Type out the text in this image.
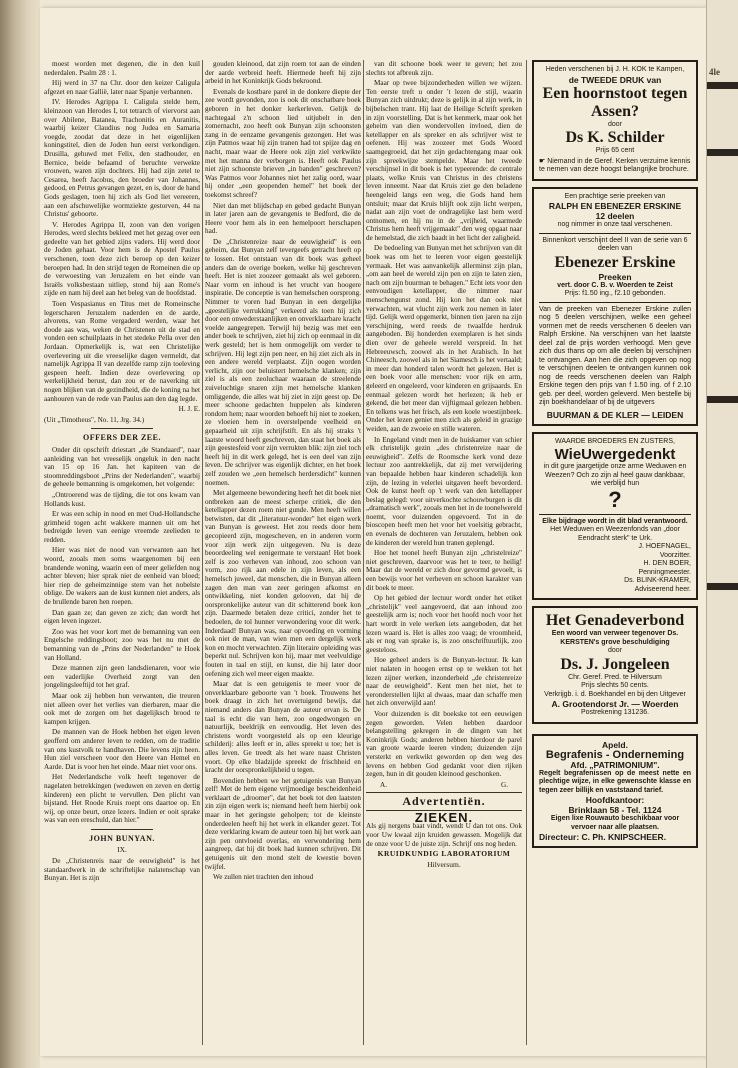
moest worden met degenen, die in den kuil nederdalen. Psalm 28 : 1.

Hij werd in 37 na Chr. door den keizer Caligula afgezet en naar Gallië, later naar Spanje verbannen.

IV. Herodes Agrippa I. Caligula stelde hem, kleinzoon van Herodes I, tot tetrarch of viervorst aan over Abilene, Batanea, Trachonitis en Auranitis, waarbij keizer Claudius nog Judea en Samaria voegde, zoodat dat deze in het eigenlijken koningstitel, dien de Joden hun eerst verkondigen. Drusilla, gehuwd met Felix, den stadhouder, en Bernice, beide befaamd of beruchte verwekte vrouwen, waren zijn dochters. Hij had zijn zetel te Cesarea, heeft Jacobus, den broeder van Johannes, gedood, en Petrus gevangen gezet, en is, door de hand Gods geslagen, toen hij zich als God liet vereeren, aan een afschuwelijke wormziekte gestorven, 44 na Christus' geboorte.

V. Herodes Agrippa II, zoon van den vorigen Herodes, werd slechts bekleed met het gezag over een gedeelte van het gebied zijns vaders. Hij werd door de Joden gehaat. Voor hem is de Apostel Paulus verschenen, toen deze zich beroep op den keizer beroepen had. In den strijd tegen de Romeinen die op de verwoesting van Jeruzalem en het einde van Israëls volksbestaan uitliep, stond hij aan Rome's zijde en nam hij deel aan het beleg van de hoofdstad.

Toen Vespasianus en Titus met de Romeinsche legerscharen Jeruzalem naderden en de aarde, alvorens, van Rome vergaderd werden, waar het doode aas was, weken de Christenen uit de stad en vonden een schuilplaats in het stedeke Pella over den Jordaan. Opmerkelijk is, wat een Christelijke overlevering uit die vreeselijke dagen vermeldt, dat namelijk Agrippa II van dezelfde ramp zijn toeleving gespeen heeft. Indien deze overlevering op werkelijkheid berust, dan zou er de naverking uit nogen blijken van de gezindheid, die de koning na het aanhouren van de rede van Paulus aan den dag legde.

H. J. E.

(Uit „Timotheus", No. 11, Jrg. 34.)

OFFERS DER ZEE.

Onder dit opschrift driestart „de Standaard", naar aanleiding van het vreeselijk ongeluk in den nacht van 15 op 16 Jan. het kapiteen van de stoomreddingsboot „Prins der Nederlanden", waarbij de geheele bemanning is omgekomen, het volgende:

„Ontroerend was de tijding, die tot ons kwam van Hollands kust.

Er was een schip in nood en met Oud-Hollandsche grimheid togen acht wakkere mannen uit om het bedreigde leven van eenige vreemde zeelieden te redden.

Hier was niet de nood van verwanten aan het woord, zooals men soms waargenomen bij een brandende woning, waarin een of meer geliefden nog achter bleven; hier sprak niet de eenheid van bloed; hier riep de geheimzinnige stem van het nobelste oblige. De wakers aan de kust kunnen niet anders, als de brullende baren hen roepen.

Dan gaan ze; dan geven ze zich; dan wordt het eigen leven ingezet.

Zoo was het voor kort met de bemanning van een Engelsche reddingsboot; zoo was het nu met de bemanning van de „Prins der Nederlanden" te Hoek van Holland.

Deze mannen zijn geen landsdienaren, voor wie een vaderlijke Overheid zorgt van den jongelingsleeftijd tot het graf.

Maar ook zij hebben hun verwanten, die treuren niet alleen over het verlies van dierbaren, maar die ook met de zorgen om het dagelijksch brood te kampen krijgen.

De mannen van de Hoek hebben het eigen leven geofferd om anderer leven te redden, om de traditie van ons kustvolk te handhaven. Die levens zijn heen. Hun ziel verscheen voor den Heere van Hemel en Aarde. Dat is voor hen het einde. Maar niet voor ons.

Het Nederlandsche volk heeft tegenover de nagelaten betrekkingen (weduwen en zeven en dertig kinderen) een plicht te vervullen. Den plicht van bijstand. Het Roode Kruis roept ons daartoe op. En wij, op onze beurt, onze lezers. Indien er ooit sprake was van een ereschuld, dan hier."

JOHN BUNYAN.

IX.

De „Christenreis naar de eeuwigheid" is het standaardwerk in de schriftelijke nalatenschap van Bunyan. Het is zijn

gouden kleinood, dat zijn roem tot aan de einden der aarde verbreid heeft. Hiermede heeft hij zijn arbeid in het Koninkrijk Gods bekroond.

Evenals de kostbare parel in de donkere diepte der zee wordt gevonden, zoo is ook dit onschatbare boek geboren in het donker kerkerleven. Gelijk de nachtegaal z'n schoon lied uitjubelt in den zomernacht, zoo heeft ook Bunyan zijn schoonsten zang in de eenzame gevangenis gezongen. Het was zijn Patmos waar hij zijn tranen had tot spijze dag en nacht, maar waar de Heere ook zijn ziel verkwikte met het manna der verborgen is. Heeft ook Paulus niet zijn schoonste brieven „in banden" geschreven? Was Patmos voor Johannes niet het zalig oord, waar hij onder „een geopenden hemel" het boek der toekomst schreef?

Niet dan met blijdschap en gebed gedacht Bunyan in later jaren aan de gevangenis te Bedford, die de Heere voor hem als in een hemelpoort herschapen had.

De „Christenreize naar de eeuwigheid" is een geheim, dat Bunyan zelf tevergeefs getracht heeft op te lossen. Het ontstaan van dit boek was geheel anders dan de overige boeken, welke hij geschreven heeft. Het is niet zoozeer gemaakt als wel geboren. Naar vorm en inhoud is het vrucht van hoogere inspiratie. De conceptie is van hemelschen oorsprong. Nimmer te voren had Bunyan in een dergelijke „geestelijke verrukking" verkeerd als toen hij zich door een onwederstaanlijken en onverklaarbare kracht voelde aangegrepen. Terwijl hij bezig was met een ander boek te schrijven, ziet hij zich op eenmaal in dit werk gesteld; het is hem onmogelijk om verder te schrijven. Hij legt zijn pen neer, en hij ziet zich als in een andere wereld verplaatst. Zijn oogen worden verlicht, zijn oor beluistert hemelsche klanken; zijn ziel is als een zeoluchaar waaraan de streelende zuiveluchtige snaren zijn met hemelsche klanken omliggende, die alles wat hij ziet in zijn geest op. De meer schoone gedachten huppelen als kinderen rondom hem; naar woorden behoeft hij niet te zoeken, ze vloeien hem in overstelpende veelheid en gepaarheid uit zijn schrijfstift. En als hij straks 't laatste woord heeft geschreven, dan staat het boek als zijn geestesfeid voor zijn verrukten blik: zijn ziel toch heeft hij in dit werk gelegd, het is een deel van zijn leven. De schrijver was eigenlijk dichter, en het boek zelf zouden we „een hemelsch herdersdicht" kunnen noemen.

Met algemeene bewondering heeft het dit boek niet ontbreken aan de meest scherpe critiek, die den ketellapper dezen roem niet gunde. Men heeft willen betwisten, dat dit „literatuur-wonder" het eigen werk van Bunyan is geweest. Het zou reeds door hem gecopieerd zijn, mogescheven, en in anderen vorm voor zijn werk zijn uitgegeven. Nu is deze beoordeeling wel eenigermate te verstaan! Het boek zelf is zoo verheven van inhoud, zoo schoon van vorm, zoo rijk aan edele in zijn leven, als een hemelsch juweel, dat menschen, die in Bunyan alleen zagen den man van zeer geringen afkomst en ontwikkeling, niet konden gelooven, dat hij de oorspronkelijke auteur van dit schitterend boek kon zijn. Daarmede betalen deze critici, zonder het te bedoelen, de tol hunner verwondering voor dit werk. Inderdaad! Bunyan was, naar opvoeding en vorming ook niet de man, van wien men een dergelijk werk kon en mocht verwachten. Zijn literaire opleiding was beperkt nul. Schrijven kon hij, maar met veelvuldige fouten in taal en stijl, en kunst, die hij later door oefening zich wel meer eigen maakte.

Maar dat is een getuigenis te meer voor de onverklaarbare geboorte van 't boek. Trouwens het boek draagt in zich het overtuigend bewijs, dat niemand anders dan Bunyan de auteur ervan is. De taal is echt die van hem, zoo ongedwongen en natuurlijk, beeldrijk en eenvoudig. Het leven des christens wordt voorgesteld als op een kleurige schilderij: alles leeft er in, alles spreekt u toe; het is alles leven. Ge treedt als het ware naast Christen voort. Op elke bladzijde spreekt de frischheid en kracht der oorspronkelijkheid u tegen.

Bovendien hebben we het getuigenis van Bunyan zelf! Met de hem eigene vrijmoedige bescheidenheid verklaart de „droomer", dat het boek tot den laatsten zin zijn eigen werk is; niemand heeft hem hierbij ook maar in het geringste geholpen; tot de kleinste onderdeelen heeft hij het werk in elkander gezet. Tot deze verklaring kwam de auteur toen hij het werk aan zijn pen ontvloeid overlas, en verwondering hem aangreep, dat hij dit boek had kunnen schrijven. Dit getuigenis uit den mond stelt de kwestie boven twijfel.

We zullen niet trachten den inhoud

van dit schoone boek weer te geven; het zou slechts tot afbreuk zijn.

Maar op twee bijzonderheden willen we wijzen. Ten eerste treft u onder 't lezen de stijl, waarin Bunyan zich uitdrukt; deze is gelijk in al zijn werk, in bijbelschen trant. Hij laat de Heilige Schrift spreken in zijn voorstelling. Dat is het kenmerk, maar ook het geheim van dien wondervollen invloed, dien de ketellapper en als spreker en als schrijver wist te oefenen. Hij was zoozeer met Gods Woord saamgegroeid, dat het zijn gedachtengang maar ook zijn spreekwijze stempelde. Maar het tweede verschijnsel in dit boek is het typeerende: de centrale plaats, welke Kruis van Christus in des christens leven inneemt. Naar dat Kruis ziet ge den beladene heengeleid langs een weg, die Gods hand hem ontsluit; maar dat Kruis blijft ook zijn licht werpen, nadat aan zijn voet de ondragelijke last hem werd ontnomen, en hij nu in de „vrijheid, waarmede Christus hem heeft vrijgemaakt" den weg opgaat naar de hemelstad, die zich baadt in het licht der zaligheid.

De bedoeling van Bunyan met het schrijven van dit boek was om het te leeren voor eigen geestelijk vermaak. Het was aanvankelijk allerminst zijn plan, „om aan heel de wereld zijn pen en zijn te laten zien, nach om zijn buurman te behagen." Echt iets voor den eenvoudigen ketellapper, die nimmer naar menschengunst zond. Hij kon het dan ook niet verwachten, wat vlucht zijn werk zou nemen in later tijd. Gelijk werd opgemerkt, binnen tien jaren na zijn verschijning, werd reeds de twaalfde herdruk aangeboden. Bij honderden exemplaren is het sinds dien over de geheele wereld verspreid. In het Hebreeuwsch, zoowel als in het Arabisch. In het Chineesch, zoowel als in het Siamesch is het vertaald; in meer dan honderd talen wordt het gelezen. Het is een boek voor alle menschen: voor rijk en arm, geleerd en ongeleerd, voor kinderen en grijsaards. En eenmaal gelezen wordt het herlezen; ik heb er gekend, die het meer dan vijftigmaal gelezen hebben. En telkens was het frisch, als een koele woestijnbeek. Onder het lezen geniet men zich als geleid in grazige weiden, aan de zwoeie en stille wateren.

In Engeland vindt men in de huiskamer van schier elk christelijk gezin „des christenreize naar de eeuwigheid". Zelfs de Roomsche kerk vond deze lectuur zoo aantrekkelijk, dat zij met verwijdering van bepaalde hebben haar kinderen schadelijk kon zijn, de lezing in velerlei uitgaven heeft bevorderd. Ook de kunst heeft op 't werk van den ketellapper beslag gelegd: voor uitverkochte schouwburgen is dit „dramatisch werk", zooals men het in de toonelwereld noemt, voor duizenden opgevoerd. Tot in de bioscopen heeft men het voor het voelsitig gebracht, en evenals de dochteren van Jeruzalem, hebben ook de kinderen der wereld hun tranen geplengd.

Hoe het toonel heeft Bunyan zijn „christelreize" niet geschreven, daarvoor was het te teer, te heilig! Maar dat de wereld er zich door gevormd gevoelt, is een bewijs voor het verheven en schoon karakter van dit boek te meer.

Op het gebied der lectuur wordt onder het etiket „christelijk" veel aangevoerd, dat aan inhoud zoo geestelijk arm is; noch voor het hoofd noch voor het hart wordt in vele werken iets aangeboden, dat het lezen waard is. Het is alles zoo vaag; de vroomheid, als er nog van sprake is, is zoo onschriftuurlijk, zoo geesteloos.

Hoe geheel anders is de Bunyan-lectuur. Ik kan niet nalaten in hoogen ernst op te wekken tot het lezen zijner werken, inzonderheid „de christenreize naar de eeuwigheid". Kent men het niet, het te veronderstellen lijkt al dwaas, maar dan schaffe men het zich onverwijld aan!

Voor duizenden is dit boekske tot een eeuwigen zegen geworden. Velen hebben daardoor belangstelling gekregen in de dingen van het Koninkrijk Gods; anderen hebben hierdoor de parel van groote waarde leeren vinden; duizenden zijn versterkt en verkwikt geworden op den weg des levens en hebben God gedankt voor dien rijken zegen, hun in dit gouden kleinood geschonken.

A.	G.
Advertentiën.
ZIEKEN.

Als gij nergens baat vindt, wendt U dan tot ons. Ook voor Uw kwaal zijn kruiden gewassen. Mogelijk dat de onze voor U de juiste zijn. Schrijf ons nog heden.

KRUIDKUNDIG LABORATORIUM

Hilversum.

Heden verschenen bij J. H. KOK te Kampen,
de TWEEDE DRUK van
Een hoornstoot tegen Assen?
door
Ds K. Schilder
Prijs 65 cent
☛ Niemand in de Geref. Kerken verzuime kennis te nemen van deze hoogst belangrijke brochure.
Een prachtige serie preeken van
RALPH EN EBENEZER ERSKINE
12 deelen
nog nimmer in onze taal verschenen.
Binnenkort verschijnt deel II van de serie van 6 deelen van
Ebenezer Erskine
Preeken
vert. door C. B. v. Woerden te Zeist
Prijs: f1.50 ing., f2.10 gebonden.
Van de preeken van Ebenezer Erskine zullen nog 5 deelen verschijnen, welke een geheel vormen met de reeds verschenen 6 deelen van Ralph Erskine. Na verschijnen van het laatste deel zal de prijs worden verhoogd. Men geve zich dus thans op om alle deelen bij verschijnen te ontvangen. Aan hen die zich opgeven op nog te verschijnen deelen te ontvangen kunnen ook nog de reeds verschenen deelen van Ralph Erskine tegen den prijs van f 1.50 ing. of f 2.10 geb. per deel, worden geleverd. Men bestelle bij zijn boekhandelaar of bij de uitgevers
BUURMAN & DE KLER — LEIDEN
WAARDE BROEDERS EN ZUSTERS,
WieUwergedenkt
in dit gure jaargetijde onze arme Weduwen en Weezen? Och zo zijn al heel gauw dankbaar, wie verblijd hun
?
Elke bijdrage wordt in dit blad verantwoord.
Het Weduwen en Weezenfonds van „door Eendracht sterk" te Urk.
J. HOEFNAGEL,
Voorzitter.
H. DEN BOER,
Penningmeester.
Ds. BLINK-KRAMER,
Adviseerend heer.
Het Genadeverbond
Een woord van verweer tegenover Ds. KERSTEN's grove beschuldiging
door
Ds. J. Jongeleen
Chr. Geref. Pred. te Hilversum
Prijs slechts 50 cents.
Verkrijgb. i. d. Boekhandel en bij den Uitgever
A. Grootendorst Jr. — Woerden
Postrekening 131236.
Apeld.
Begrafenis - Onderneming
Afd. „PATRIMONIUM".
Regelt begrafenissen op de meest nette en plechtige wijze, in elke gewenschte klasse en tegen zeer billijk en vaststaand tarief.
Hoofdkantoor:
Brinklaan 58 - Tel. 1124
Eigen lixe Rouwauto beschikbaar voor vervoer naar alle plaatsen.
Directeur: C. Ph. KNIPSCHEER.
4le
